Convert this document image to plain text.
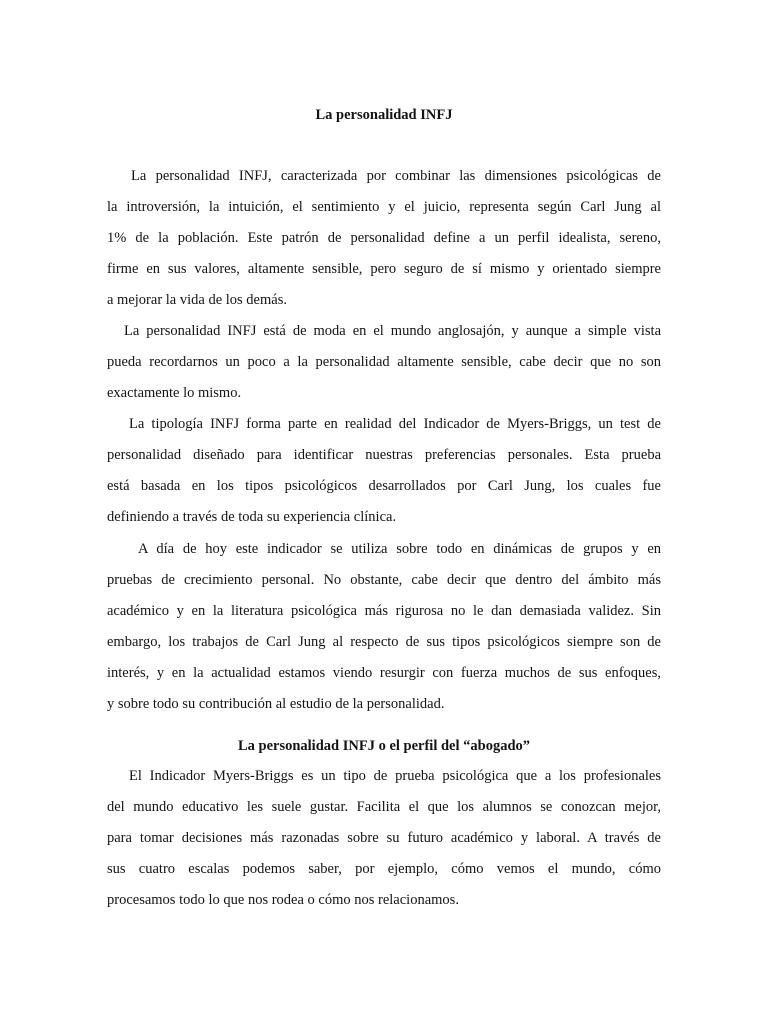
La personalidad INFJ
La personalidad INFJ, caracterizada por combinar las dimensiones psicológicas de
la introversión, la intuición, el sentimiento y el juicio, representa según Carl Jung al
1% de la población. Este patrón de personalidad define a un perfil idealista, sereno,
firme en sus valores, altamente sensible, pero seguro de sí mismo y orientado siempre
a mejorar la vida de los demás.
La personalidad INFJ está de moda en el mundo anglosajón, y aunque a simple vista
pueda recordarnos un poco a la personalidad altamente sensible, cabe decir que no son
exactamente lo mismo.
La tipología INFJ forma parte en realidad del Indicador de Myers-Briggs, un test de
personalidad diseñado para identificar nuestras preferencias personales. Esta prueba
está basada en los tipos psicológicos desarrollados por Carl Jung, los cuales fue
definiendo a través de toda su experiencia clínica.
A día de hoy este indicador se utiliza sobre todo en dinámicas de grupos y en
pruebas de crecimiento personal. No obstante, cabe decir que dentro del ámbito más
académico y en la literatura psicológica más rigurosa no le dan demasiada validez. Sin
embargo, los trabajos de Carl Jung al respecto de sus tipos psicológicos siempre son de
interés, y en la actualidad estamos viendo resurgir con fuerza muchos de sus enfoques,
y sobre todo su contribución al estudio de la personalidad.
La personalidad INFJ o el perfil del “abogado”
El Indicador Myers-Briggs es un tipo de prueba psicológica que a los profesionales
del mundo educativo les suele gustar. Facilita el que los alumnos se conozcan mejor,
para tomar decisiones más razonadas sobre su futuro académico y laboral. A través de
sus cuatro escalas podemos saber, por ejemplo, cómo vemos el mundo, cómo
procesamos todo lo que nos rodea o cómo nos relacionamos.
